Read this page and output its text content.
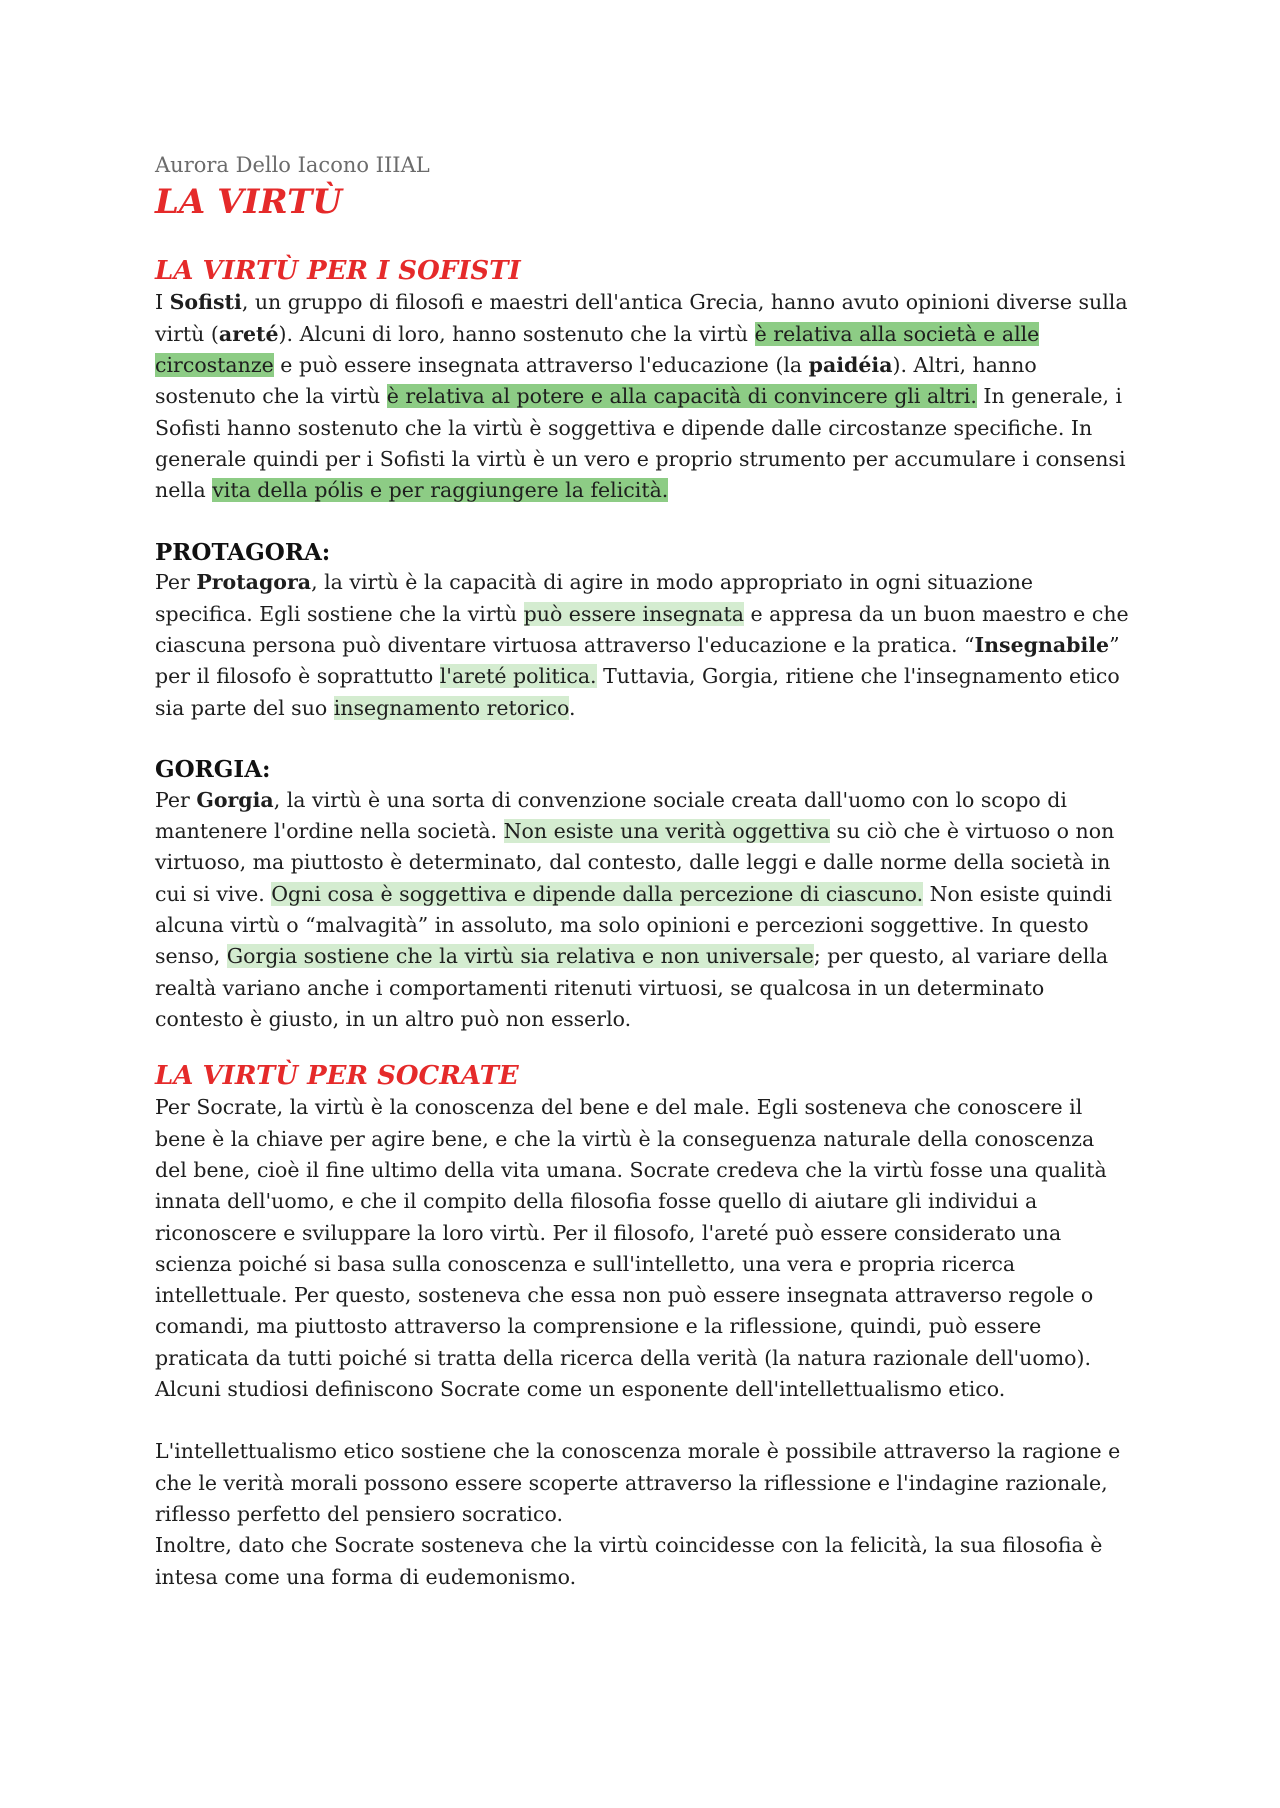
Aurora Dello Iacono IIIAL

LA VIRTÙ
LA VIRTÙ PER I SOFISTI

I Sofisti, un gruppo di filosofi e maestri dell'antica Grecia, hanno avuto opinioni diverse sulla virtù (areté). Alcuni di loro, hanno sostenuto che la virtù è relativa alla società e alle circostanze e può essere insegnata attraverso l'educazione (la paidéia). Altri, hanno sostenuto che la virtù è relativa al potere e alla capacità di convincere gli altri. In generale, i Sofisti hanno sostenuto che la virtù è soggettiva e dipende dalle circostanze specifiche. In generale quindi per i Sofisti la virtù è un vero e proprio strumento per accumulare i consensi nella vita della pólis e per raggiungere la felicità.

PROTAGORA:

Per Protagora, la virtù è la capacità di agire in modo appropriato in ogni situazione specifica. Egli sostiene che la virtù può essere insegnata e appresa da un buon maestro e che ciascuna persona può diventare virtuosa attraverso l'educazione e la pratica. “Insegnabile” per il filosofo è soprattutto l'areté politica. Tuttavia, Gorgia, ritiene che l'insegnamento etico sia parte del suo insegnamento retorico.

GORGIA:

Per Gorgia, la virtù è una sorta di convenzione sociale creata dall'uomo con lo scopo di mantenere l'ordine nella società. Non esiste una verità oggettiva su ciò che è virtuoso o non virtuoso, ma piuttosto è determinato, dal contesto, dalle leggi e dalle norme della società in cui si vive. Ogni cosa è soggettiva e dipende dalla percezione di ciascuno. Non esiste quindi alcuna virtù o “malvagità” in assoluto, ma solo opinioni e percezioni soggettive. In questo senso, Gorgia sostiene che la virtù sia relativa e non universale; per questo, al variare della realtà variano anche i comportamenti ritenuti virtuosi, se qualcosa in un determinato contesto è giusto, in un altro può non esserlo.

LA VIRTÙ PER SOCRATE

Per Socrate, la virtù è la conoscenza del bene e del male. Egli sosteneva che conoscere il bene è la chiave per agire bene, e che la virtù è la conseguenza naturale della conoscenza del bene, cioè il fine ultimo della vita umana. Socrate credeva che la virtù fosse una qualità innata dell'uomo, e che il compito della filosofia fosse quello di aiutare gli individui a riconoscere e sviluppare la loro virtù. Per il filosofo, l'areté può essere considerato una scienza poiché si basa sulla conoscenza e sull'intelletto, una vera e propria ricerca intellettuale. Per questo, sosteneva che essa non può essere insegnata attraverso regole o comandi, ma piuttosto attraverso la comprensione e la riflessione, quindi, può essere praticata da tutti poiché si tratta della ricerca della verità (la natura razionale dell'uomo).

Alcuni studiosi definiscono Socrate come un esponente dell'intellettualismo etico.

L'intellettualismo etico sostiene che la conoscenza morale è possibile attraverso la ragione e che le verità morali possono essere scoperte attraverso la riflessione e l'indagine razionale, riflesso perfetto del pensiero socratico.

Inoltre, dato che Socrate sosteneva che la virtù coincidesse con la felicità, la sua filosofia è intesa come una forma di eudemonismo.
